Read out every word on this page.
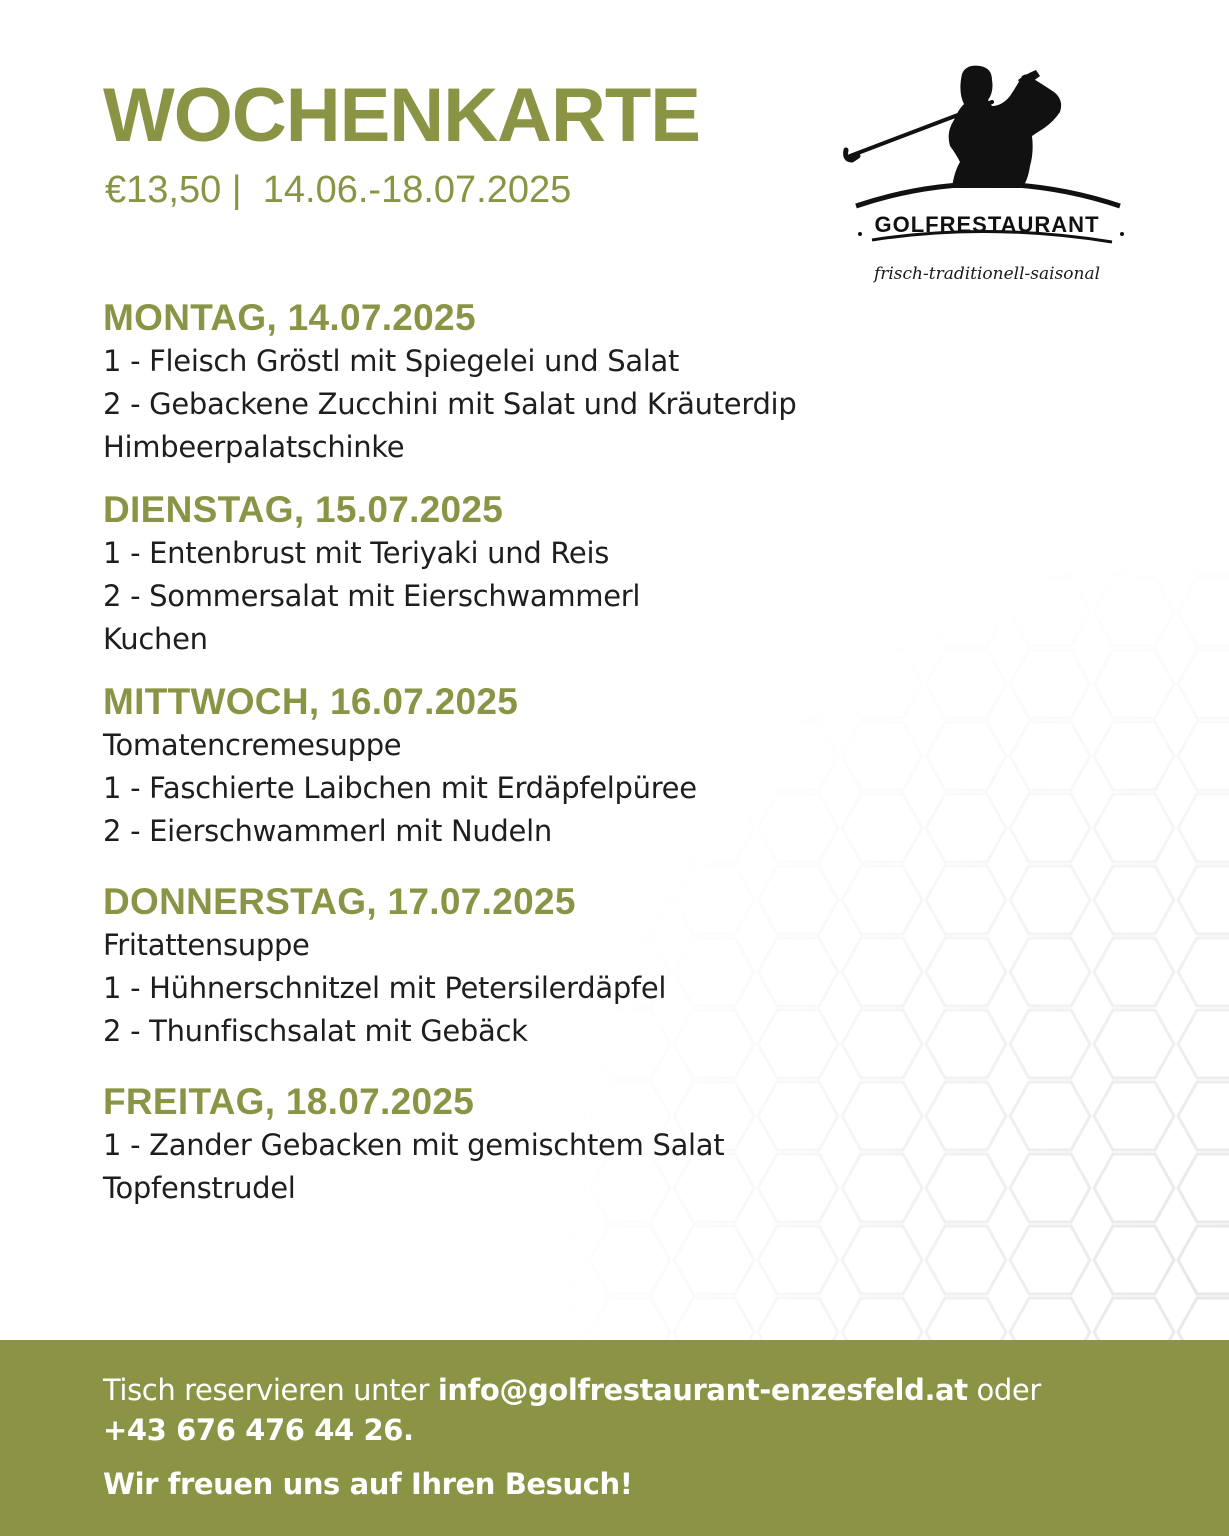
WOCHENKARTE
€13,50 |  14.06.-18.07.2025
GOLFRESTAURANT
frisch-traditionell-saisonal
MONTAG, 14.07.2025
1 - Fleisch Gröstl mit Spiegelei und Salat
2 - Gebackene Zucchini mit Salat und Kräuterdip
Himbeerpalatschinke
DIENSTAG, 15.07.2025
1 - Entenbrust mit Teriyaki und Reis
2 - Sommersalat mit Eierschwammerl
Kuchen
MITTWOCH, 16.07.2025
Tomatencremesuppe
1 - Faschierte Laibchen mit Erdäpfelpüree
2 - Eierschwammerl mit Nudeln
DONNERSTAG, 17.07.2025
Fritattensuppe
1 - Hühnerschnitzel mit Petersilerdäpfel
2 - Thunfischsalat mit Gebäck
FREITAG, 18.07.2025
1 - Zander Gebacken mit gemischtem Salat
Topfenstrudel
Tisch reservieren unter info@golfrestaurant-enzesfeld.at oder
+43 676 476 44 26.
Wir freuen uns auf Ihren Besuch!
